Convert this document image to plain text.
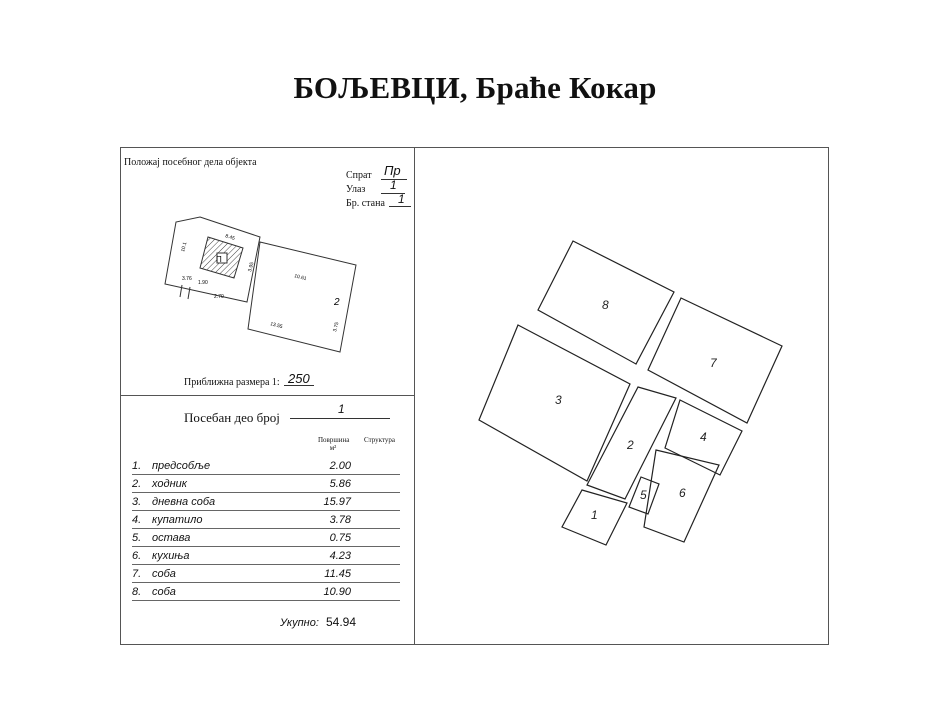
БОЉЕВЦИ, Браће Кокар
Положај посебног дела објекта
Спрат Пр
Улаз 1
Бр. стана 1
П
2
8.45
10.1
3.95
3.76
1.90
2.70
10.61
13.55	3.75
Приближна размера 1: 250
Посебан део број
1
Површина м²
Структура
1. предсобље	2.00
2. ходник	5.86
3. дневна соба	15.97
4. купатило	3.78
5. остава	0.75
6. кухиња	4.23
7. соба	11.45
8. соба	10.90
Укупно: 54.94
8
7
3
2
4
6
5
1
